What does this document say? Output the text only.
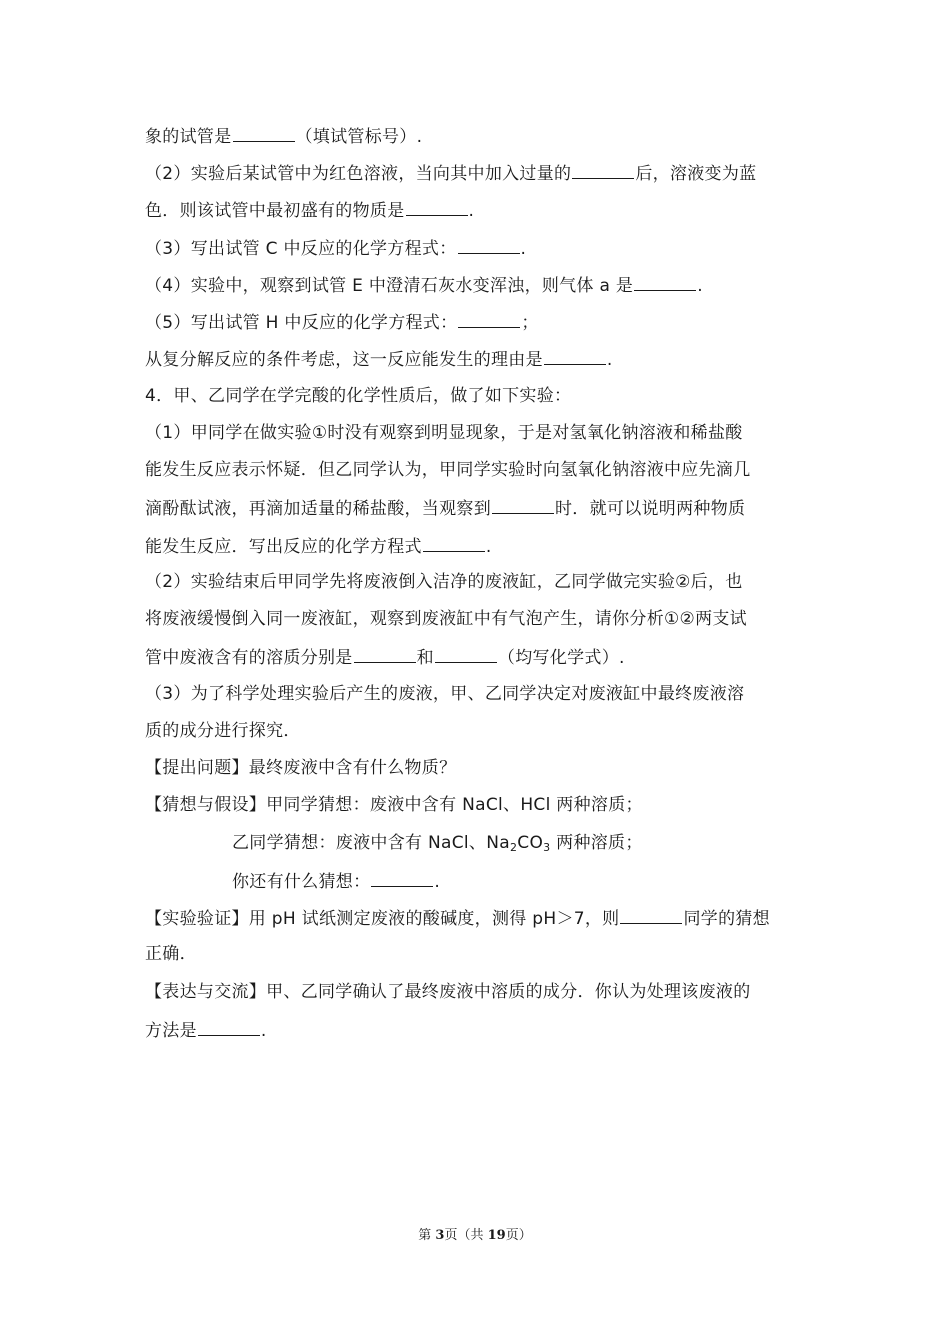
象的试管是	（填试管标号）.
（2）实验后某试管中为红色溶液，当向其中加入过量的	后，溶液变为蓝
色．则该试管中最初盛有的物质是	.
（3）写出试管 C 中反应的化学方程式：	.
（4）实验中，观察到试管 E 中澄清石灰水变浑浊，则气体 a 是	.
（5）写出试管 H 中反应的化学方程式：	；
从复分解反应的条件考虑，这一反应能发生的理由是	.
4．甲、乙同学在学完酸的化学性质后，做了如下实验：
（1）甲同学在做实验①时没有观察到明显现象，于是对氢氧化钠溶液和稀盐酸
能发生反应表示怀疑．但乙同学认为，甲同学实验时向氢氧化钠溶液中应先滴几
滴酚酞试液，再滴加适量的稀盐酸，当观察到	时．就可以说明两种物质
能发生反应．写出反应的化学方程式	.
（2）实验结束后甲同学先将废液倒入洁净的废液缸，乙同学做完实验②后，也
将废液缓慢倒入同一废液缸，观察到废液缸中有气泡产生，请你分析①②两支试
管中废液含有的溶质分别是	和	（均写化学式）.
（3）为了科学处理实验后产生的废液，甲、乙同学决定对废液缸中最终废液溶
质的成分进行探究．
【提出问题】最终废液中含有什么物质？
【猜想与假设】甲同学猜想：废液中含有 NaCl、HCl 两种溶质；
乙同学猜想：废液中含有 NaCl、$Na_2CO_3$ 两种溶质；
你还有什么猜想：	.
【实验验证】用 pH 试纸测定废液的酸碱度，测得 pH＞7，则	同学的猜想
正确．
【表达与交流】甲、乙同学确认了最终废液中溶质的成分．你认为处理该废液的
方法是	.
第 3页（共 19页）
